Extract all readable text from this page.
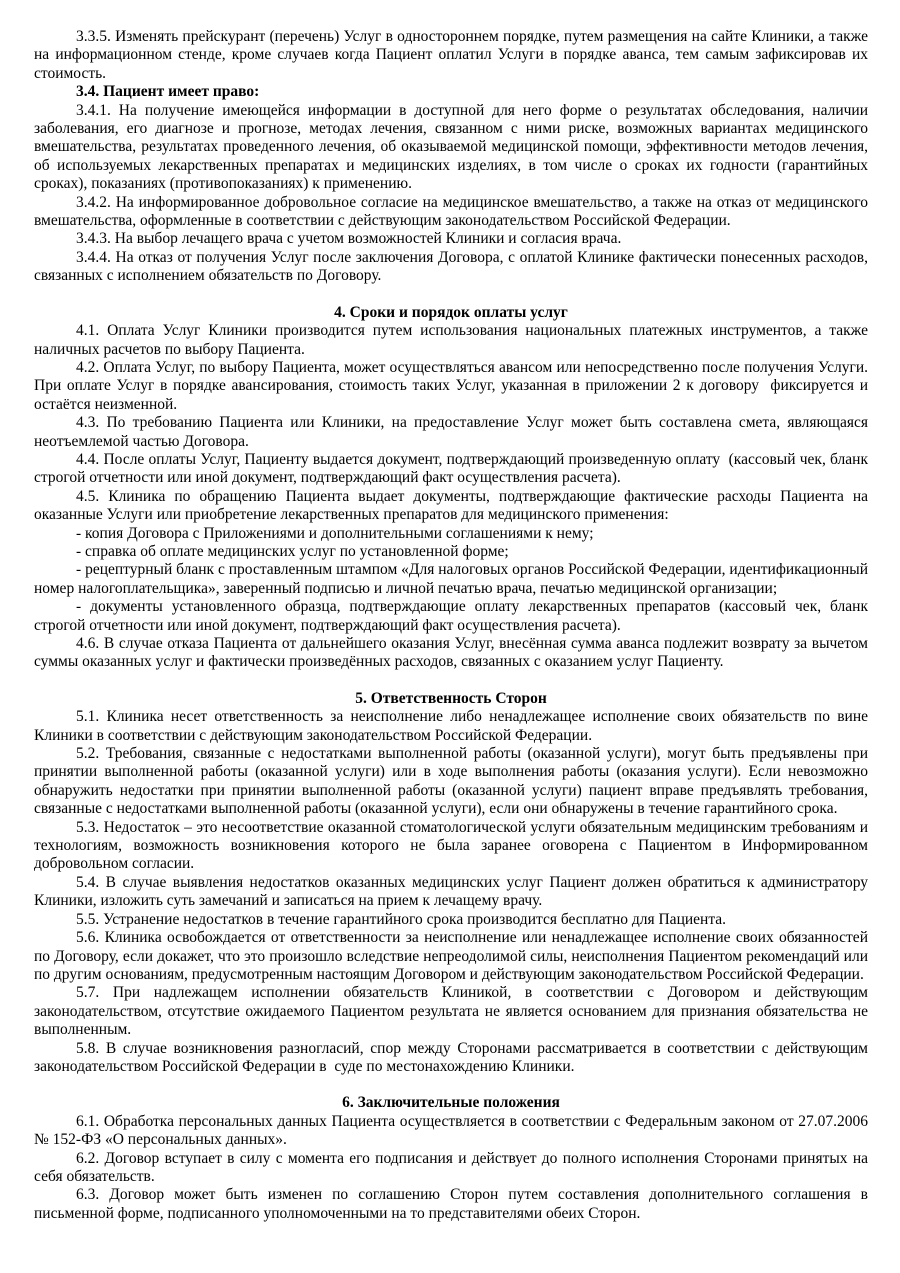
3.3.5. Изменять прейскурант (перечень) Услуг в одностороннем порядке, путем размещения на сайте Клиники, а также на информационном стенде, кроме случаев когда Пациент оплатил Услуги в порядке аванса, тем самым зафиксировав их стоимость.

3.4. Пациент имеет право:

3.4.1. На получение имеющейся информации в доступной для него форме о результатах обследования, наличии заболевания, его диагнозе и прогнозе, методах лечения, связанном с ними риске, возможных вариантах медицинского вмешательства, результатах проведенного лечения, об оказываемой медицинской помощи, эффективности методов лечения, об используемых лекарственных препаратах и медицинских изделиях, в том числе о сроках их годности (гарантийных сроках), показаниях (противопоказаниях) к применению.

3.4.2. На информированное добровольное согласие на медицинское вмешательство, а также на отказ от медицинского вмешательства, оформленные в соответствии с действующим законодательством Российской Федерации.

3.4.3. На выбор лечащего врача с учетом возможностей Клиники и согласия врача.

3.4.4. На отказ от получения Услуг после заключения Договора, с оплатой Клинике фактически понесенных расходов, связанных с исполнением обязательств по Договору.

4. Сроки и порядок оплаты услуг

4.1. Оплата Услуг Клиники производится путем использования национальных платежных инструментов, а также наличных расчетов по выбору Пациента.

4.2. Оплата Услуг, по выбору Пациента, может осуществляться авансом или непосредственно после получения Услуги. При оплате Услуг в порядке авансирования, стоимость таких Услуг, указанная в приложении 2 к договору  фиксируется и остаётся неизменной.

4.3. По требованию Пациента или Клиники, на предоставление Услуг может быть составлена смета, являющаяся неотъемлемой частью Договора.

4.4. После оплаты Услуг, Пациенту выдается документ, подтверждающий произведенную оплату  (кассовый чек, бланк строгой отчетности или иной документ, подтверждающий факт осуществления расчета).

4.5. Клиника по обращению Пациента выдает документы, подтверждающие фактические расходы Пациента на оказанные Услуги или приобретение лекарственных препаратов для медицинского применения:

- копия Договора с Приложениями и дополнительными соглашениями к нему;

- справка об оплате медицинских услуг по установленной форме;

- рецептурный бланк с проставленным штампом «Для налоговых органов Российской Федерации, идентификационный номер налогоплательщика», заверенный подписью и личной печатью врача, печатью медицинской организации;

- документы установленного образца, подтверждающие оплату лекарственных препаратов (кассовый чек, бланк строгой отчетности или иной документ, подтверждающий факт осуществления расчета).

4.6. В случае отказа Пациента от дальнейшего оказания Услуг, внесённая сумма аванса подлежит возврату за вычетом суммы оказанных услуг и фактически произведённых расходов, связанных с оказанием услуг Пациенту.

5. Ответственность Сторон

5.1. Клиника несет ответственность за неисполнение либо ненадлежащее исполнение своих обязательств по вине Клиники в соответствии с действующим законодательством Российской Федерации.

5.2. Требования, связанные с недостатками выполненной работы (оказанной услуги), могут быть предъявлены при принятии выполненной работы (оказанной услуги) или в ходе выполнения работы (оказания услуги). Если невозможно обнаружить недостатки при принятии выполненной работы (оказанной услуги) пациент вправе предъявлять требования, связанные с недостатками выполненной работы (оказанной услуги), если они обнаружены в течение гарантийного срока.

5.3. Недостаток – это несоответствие оказанной стоматологической услуги обязательным медицинским требованиям и технологиям, возможность возникновения которого не была заранее оговорена с Пациентом в Информированном добровольном согласии.

5.4. В случае выявления недостатков оказанных медицинских услуг Пациент должен обратиться к администратору Клиники, изложить суть замечаний и записаться на прием к лечащему врачу.

5.5. Устранение недостатков в течение гарантийного срока производится бесплатно для Пациента.

5.6. Клиника освобождается от ответственности за неисполнение или ненадлежащее исполнение своих обязанностей по Договору, если докажет, что это произошло вследствие непреодолимой силы, неисполнения Пациентом рекомендаций или по другим основаниям, предусмотренным настоящим Договором и действующим законодательством Российской Федерации.

5.7. При надлежащем исполнении обязательств Клиникой, в соответствии с Договором и действующим законодательством, отсутствие ожидаемого Пациентом результата не является основанием для признания обязательства не выполненным.

5.8. В случае возникновения разногласий, спор между Сторонами рассматривается в соответствии с действующим законодательством Российской Федерации в  суде по местонахождению Клиники.

6. Заключительные положения

6.1. Обработка персональных данных Пациента осуществляется в соответствии с Федеральным законом от 27.07.2006 № 152-ФЗ «О персональных данных».

6.2. Договор вступает в силу с момента его подписания и действует до полного исполнения Сторонами принятых на себя обязательств.

6.3. Договор может быть изменен по соглашению Сторон путем составления дополнительного соглашения в письменной форме, подписанного уполномоченными на то представителями обеих Сторон.
